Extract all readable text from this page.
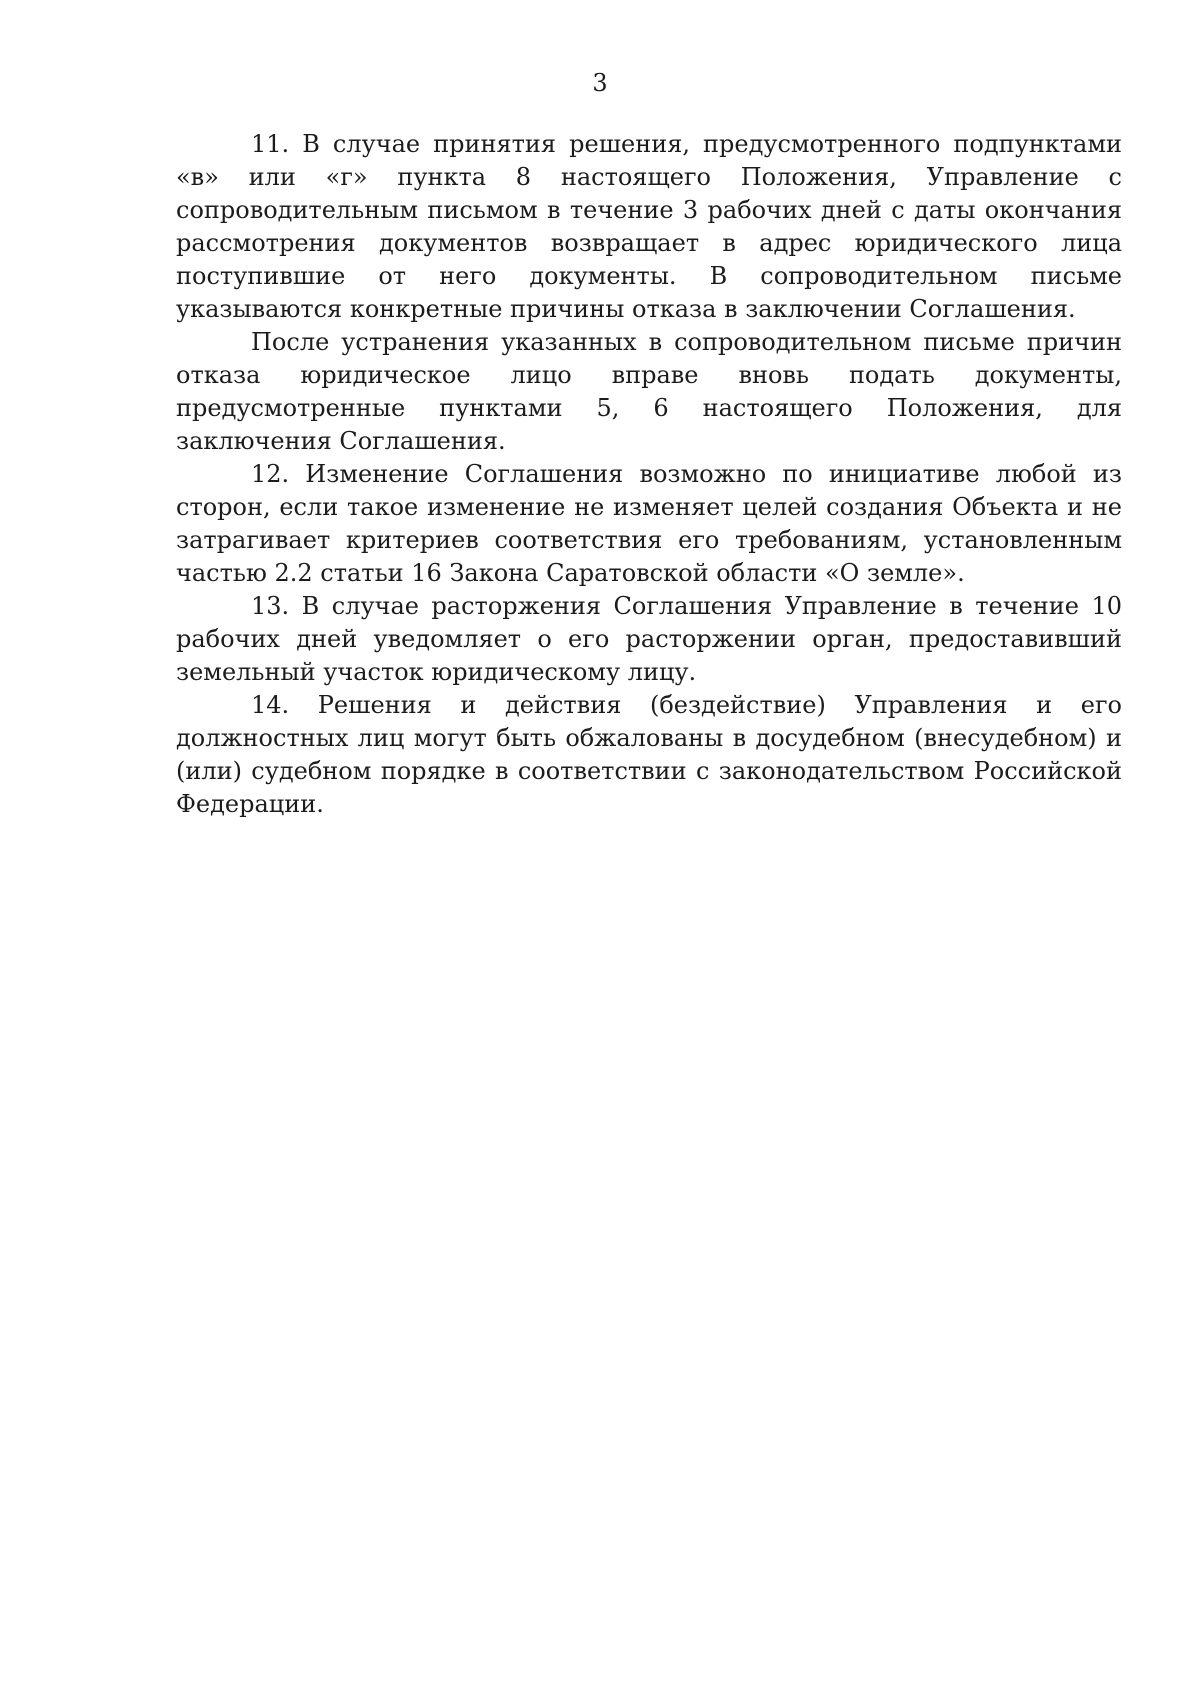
3

11. В случае принятия решения, предусмотренного подпунктами «в» или «г» пункта 8 настоящего Положения, Управление с сопроводительным письмом в течение 3 рабочих дней с даты окончания рассмотрения документов возвращает в адрес юридического лица поступившие от него документы. В сопроводительном письме указываются конкретные причины отказа в заключении Соглашения.

После устранения указанных в сопроводительном письме причин отказа юридическое лицо вправе вновь подать документы, предусмотренные пунктами 5, 6 настоящего Положения, для заключения Соглашения.

12. Изменение Соглашения возможно по инициативе любой из сторон, если такое изменение не изменяет целей создания Объекта и не затрагивает критериев соответствия его требованиям, установленным частью 2.2 статьи 16 Закона Саратовской области «О земле».

13. В случае расторжения Соглашения Управление в течение 10 рабочих дней уведомляет о его расторжении орган, предоставивший земельный участок юридическому лицу.

14. Решения и действия (бездействие) Управления и его должностных лиц могут быть обжалованы в досудебном (внесудебном) и (или) судебном порядке в соответствии с законодательством Российской Федерации.
